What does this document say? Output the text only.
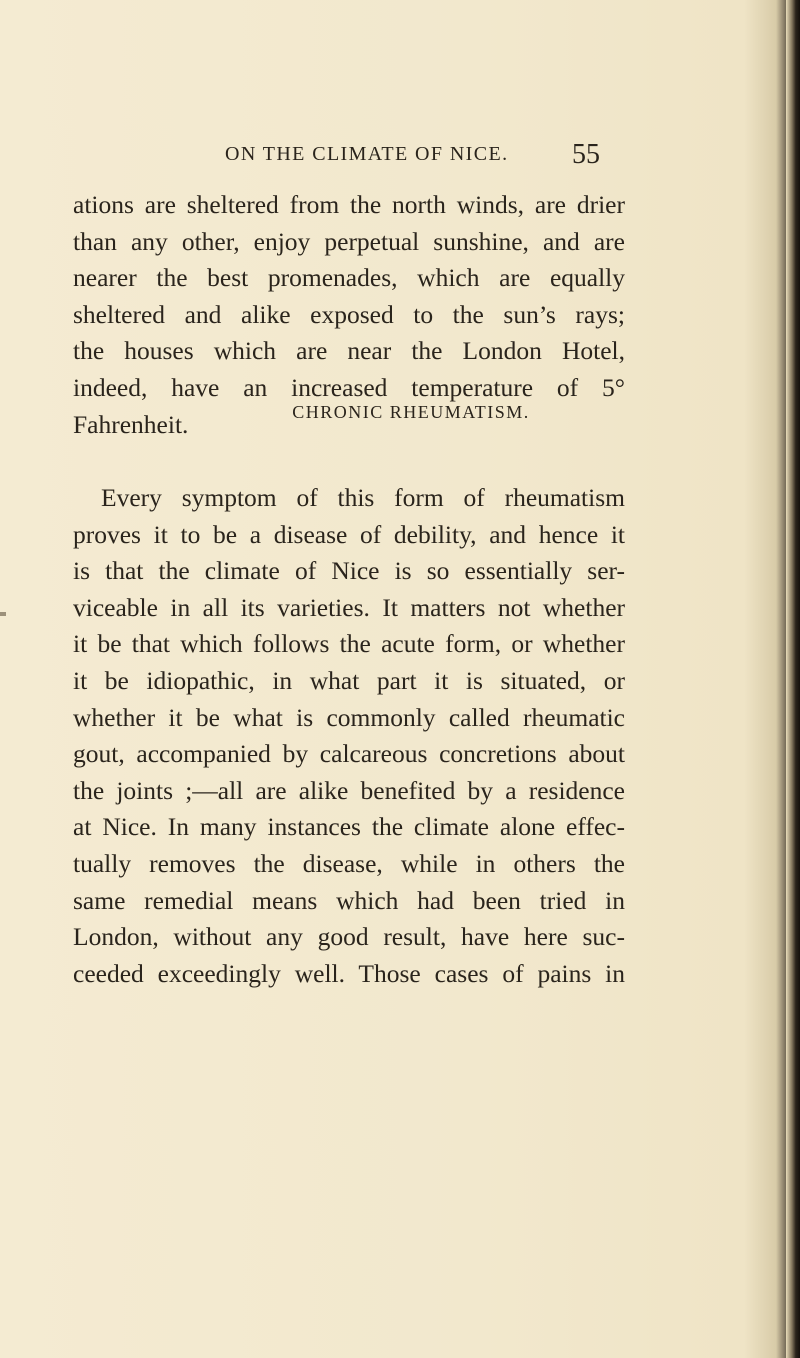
ON THE CLIMATE OF NICE. 55
ations are sheltered from the north winds, are drier
than any other, enjoy perpetual sunshine, and are
nearer the best promenades, which are equally
sheltered and alike exposed to the sun’s rays;
the houses which are near the London Hotel,
indeed, have an increased temperature of 5°
Fahrenheit.	CHRONIC RHEUMATISM.
Every symptom of this form of rheumatism
proves it to be a disease of debility, and hence it
is that the climate of Nice is so essentially ser-
viceable in all its varieties. It matters not whether
it be that which follows the acute form, or whether
it be idiopathic, in what part it is situated, or
whether it be what is commonly called rheumatic
gout, accompanied by calcareous concretions about
the joints ;—all are alike benefited by a residence
at Nice. In many instances the climate alone effec-
tually removes the disease, while in others the
same remedial means which had been tried in
London, without any good result, have here suc-
ceeded exceedingly well. Those cases of pains in
